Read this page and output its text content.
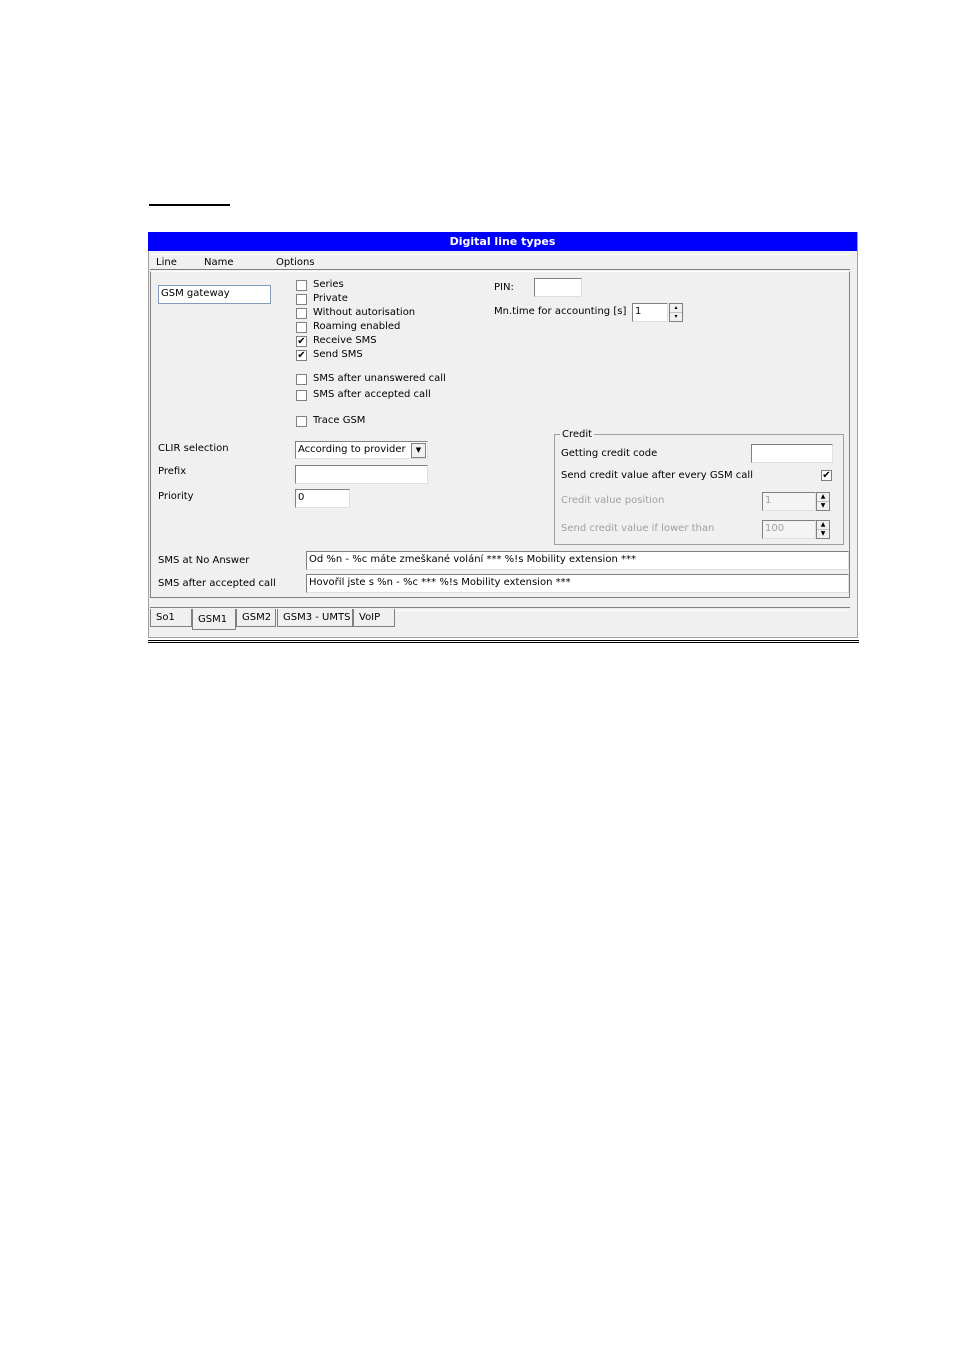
Digital line types
Line	Name	Options
GSM gateway
Series
Private
Without autorisation
Roaming enabled
✔ Receive SMS
✔ Send SMS
SMS after unanswered call
SMS after accepted call
Trace GSM
PIN:
Mn.time for accounting [s] 1	▴
▾
CLIR selection	According to provider	▼
Prefix
Priority	0
Credit
Getting credit code
Send credit value after every GSM call	✔
Credit value position	1	▲
▼
Send credit value if lower than	100	▲
▼
SMS at No Answer	Od %n - %c máte zmeškané volání *** %!s Mobility extension ***
SMS after accepted call	Hovořil jste s %n - %c *** %!s Mobility extension ***
So1	GSM1	GSM2	GSM3 - UMTS VoIP
